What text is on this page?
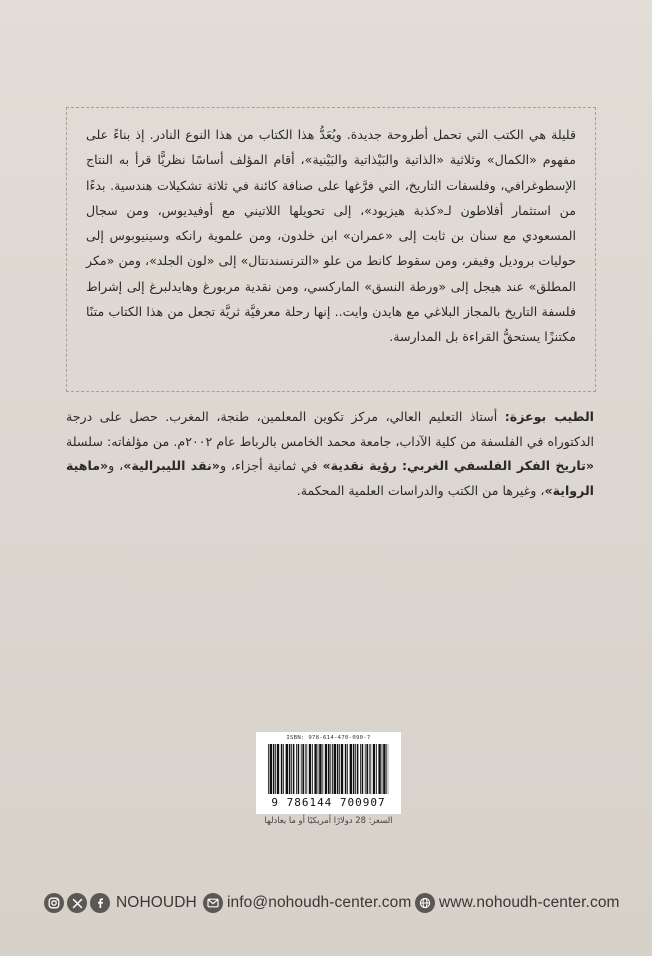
قليلة هي الكتب التي تحمل أطروحة جديدة. ويُعَدُّ هذا الكتاب من هذا النوع النادر. إذ بناءً على مفهوم «الكمال» وثلاثية «الذاتية والبَيْذاتية والبَيْنية»، أقام المؤلف أساسًا نظريًّا قرأ به النتاج الإسطوغرافي، وفلسفات التاريخ، التي فرَّغها على صنافة كائنة في ثلاثة تشكيلات هندسية. بدءًا من استثمار أفلاطون لـ«كذبة هيزيود»، إلى تحويلها اللاتيني مع أوفيديوس، ومن سجال المسعودي مع سنان بن ثابت إلى «عمران» ابن خلدون، ومن علموية رانكه وسينيوبوس إلى حوليات بروديل وفيفر، ومن سقوط كانط من علو «الترنسندنتال» إلى «لون الجلد»، ومن «مكر المطلق» عند هيجل إلى «ورطة النسق» الماركسي، ومن نقدية مربورغ وهايدلبرغ إلى إشراط فلسفة التاريخ بالمجاز البلاغي مع هايدن وايت.. إنها رحلة معرفيَّة ثريَّة تجعل من هذا الكتاب متنًا مكتنزًا يستحقُّ القراءة بل المدارسة.

الطيب بوعزة: أستاذ التعليم العالي، مركز تكوين المعلمين، طنجة، المغرب. حصل على درجة الدكتوراه في الفلسفة من كلية الآداب، جامعة محمد الخامس بالرباط عام ٢٠٠٢م. من مؤلفاته: سلسلة «تاريخ الفكر الفلسفي الغربي: رؤية نقدية» في ثمانية أجزاء، و«نقد الليبرالية»، و«ماهية الرواية»، وغيرها من الكتب والدراسات العلمية المحكمة.

ISBN: 978-614-470-090-7
9 786144 700907
السعر: 28 دولارًا أمريكيًا أو ما يعادلها
NOHOUDH info@nohoudh-center.com www.nohoudh-center.com
